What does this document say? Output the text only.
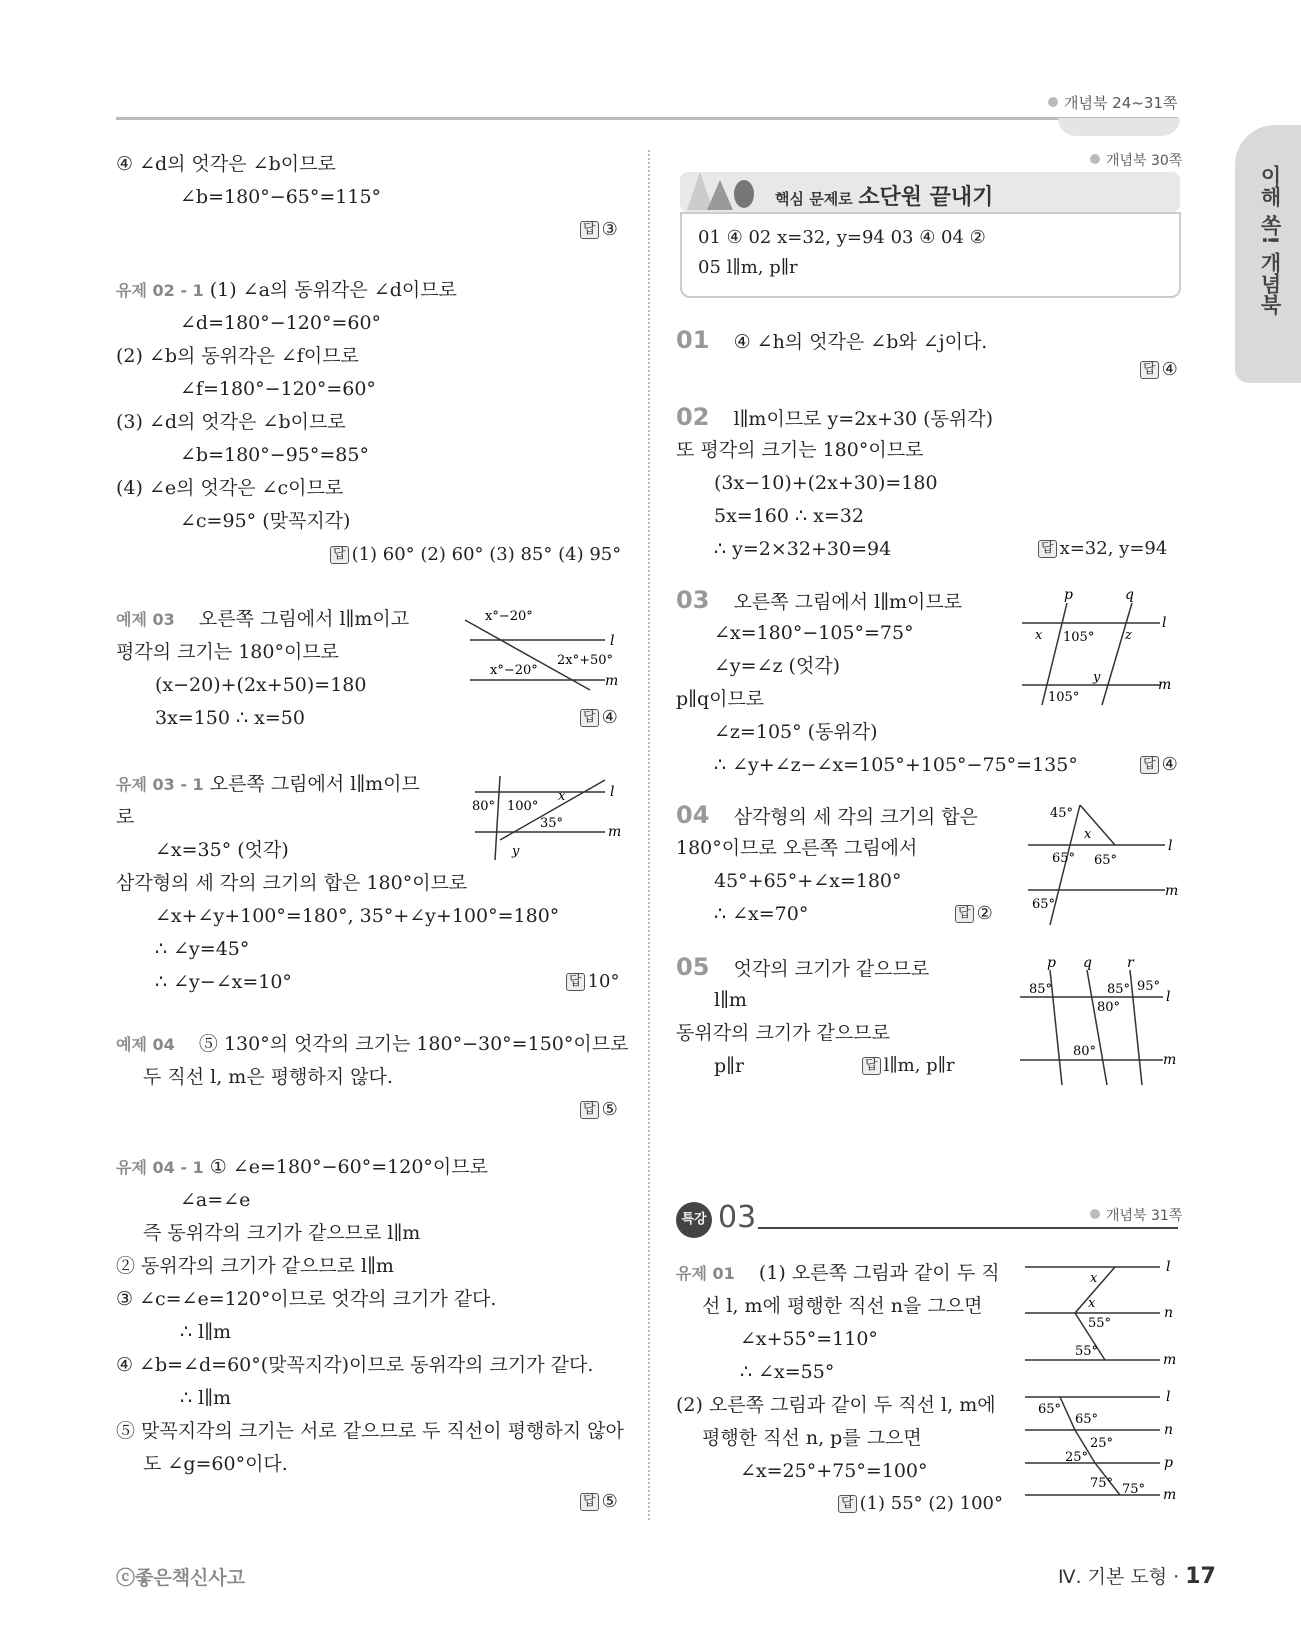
개념북 24~31쪽
이해 쏙! 개념북
④ ∠d의 엇각은 ∠b이므로
∠b=180°−65°=115°
답 ③
유제 02 - 1 (1) ∠a의 동위각은 ∠d이므로
∠d=180°−120°=60°
(2) ∠b의 동위각은 ∠f이므로
∠f=180°−120°=60°
(3) ∠d의 엇각은 ∠b이므로
∠b=180°−95°=85°
(4) ∠e의 엇각은 ∠c이므로
∠c=95° (맞꼭지각)
답 (1) 60° (2) 60° (3) 85° (4) 95°
예제 03 오른쪽 그림에서 l∥m이고
평각의 크기는 180°이므로
(x−20)+(2x+50)=180
3x=150 ∴ x=50	답 ④
l
m
x°−20°
x°−20°
2x°+50°
유제 03 - 1 오른쪽 그림에서 l∥m이므
로
∠x=35° (엇각)
삼각형의 세 각의 크기의 합은 180°이므로
∠x+∠y+100°=180°, 35°+∠y+100°=180°
∴ ∠y=45°
∴ ∠y−∠x=10°	답 10°
l
m
80° 100°
x
35°
y
예제 04 ⑤ 130°의 엇각의 크기는 180°−30°=150°이므로
두 직선 l, m은 평행하지 않다.
답 ⑤
유제 04 - 1 ① ∠e=180°−60°=120°이므로
∠a=∠e
즉 동위각의 크기가 같으므로 l∥m
② 동위각의 크기가 같으므로 l∥m
③ ∠c=∠e=120°이므로 엇각의 크기가 같다.
∴ l∥m
④ ∠b=∠d=60°(맞꼭지각)이므로 동위각의 크기가 같다.
∴ l∥m
⑤ 맞꼭지각의 크기는 서로 같으므로 두 직선이 평행하지 않아
도 ∠g=60°이다.
답 ⑤
개념북 30쪽
핵심 문제로 소단원 끝내기
01 ④ 02 x=32, y=94 03 ④ 04 ②
05 l∥m, p∥r
01 ④ ∠h의 엇각은 ∠b와 ∠j이다.
답 ④
02 l∥m이므로 y=2x+30 (동위각)
또 평각의 크기는 180°이므로
(3x−10)+(2x+30)=180
5x=160 ∴ x=32
∴ y=2×32+30=94	답 x=32, y=94
03 오른쪽 그림에서 l∥m이므로
∠x=180°−105°=75°
∠y=∠z (엇각)
p∥q이므로
∠z=105° (동위각)
∴ ∠y+∠z−∠x=105°+105°−75°=135°	답 ④
p	q
l
m
x 105° z
y
105°
04 삼각형의 세 각의 크기의 합은
180°이므로 오른쪽 그림에서
45°+65°+∠x=180°
∴ ∠x=70°	답 ②
l
m
45°
x
65° 65°
65°
05 엇각의 크기가 같으므로
l∥m
동위각의 크기가 같으므로
p∥r	답 l∥m, p∥r
p q	r
l
m
85°	85° 95°
80°
80°
특강 03	개념북 31쪽
유제 01 (1) 오른쪽 그림과 같이 두 직
선 l, m에 평행한 직선 n을 그으면
∠x+55°=110°
∴ ∠x=55°
(2) 오른쪽 그림과 같이 두 직선 l, m에
평행한 직선 n, p를 그으면
∠x=25°+75°=100°
답 (1) 55° (2) 100°
l
n
m
x
x
55°
55°
l
n
p
m
65°
65°
25°
25°
75° 75°
ⓒ좋은책신사고	Ⅳ. 기본 도형 · 17
